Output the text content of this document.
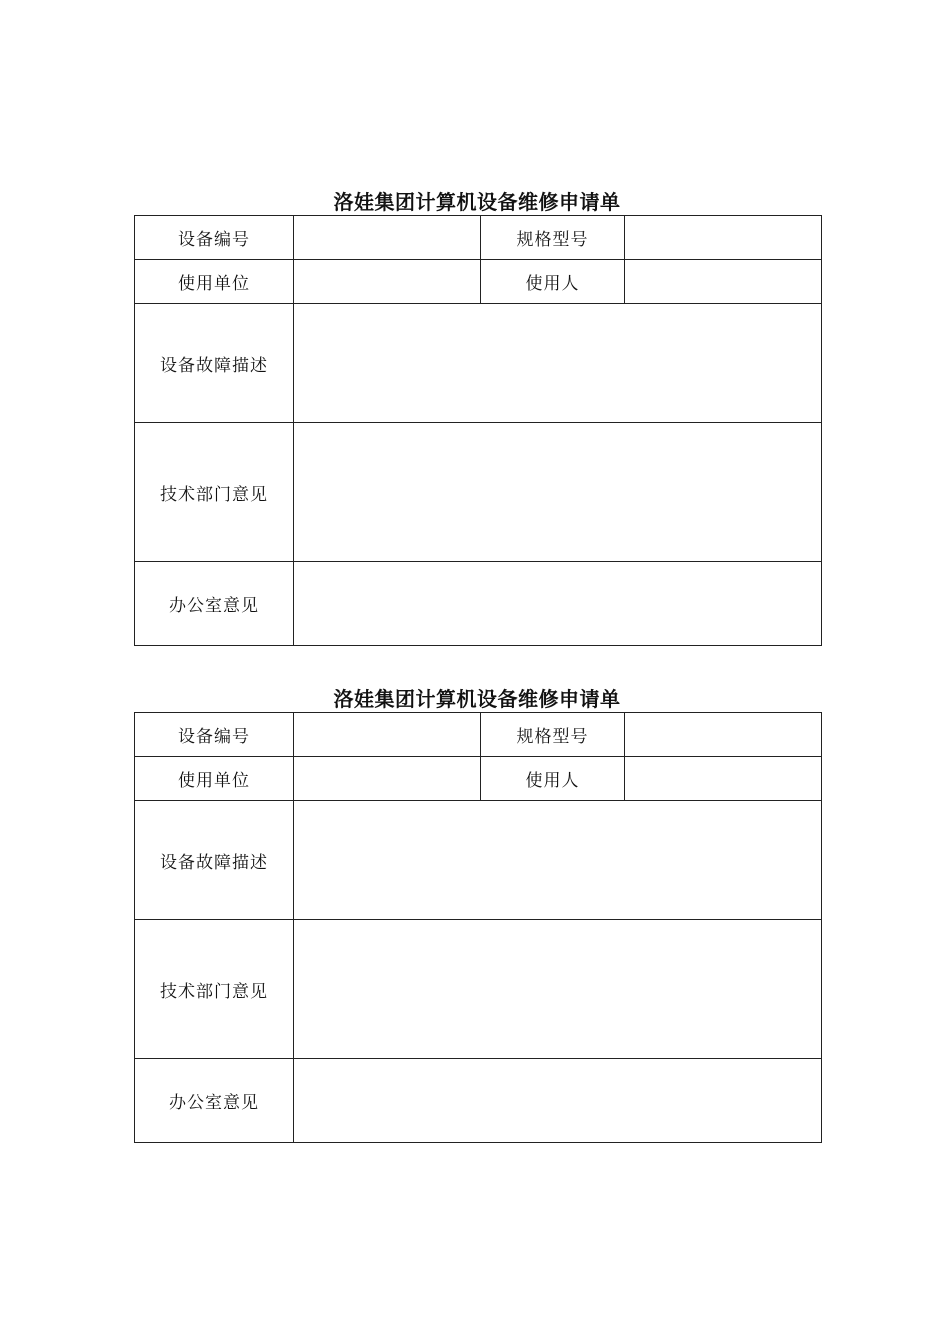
洛娃集团计算机设备维修申请单
设备编号		规格型号	
使用单位		使用人	
设备故障描述			
技术部门意见			
办公室意见			
洛娃集团计算机设备维修申请单
设备编号		规格型号	
使用单位		使用人	
设备故障描述			
技术部门意见			
办公室意见			
